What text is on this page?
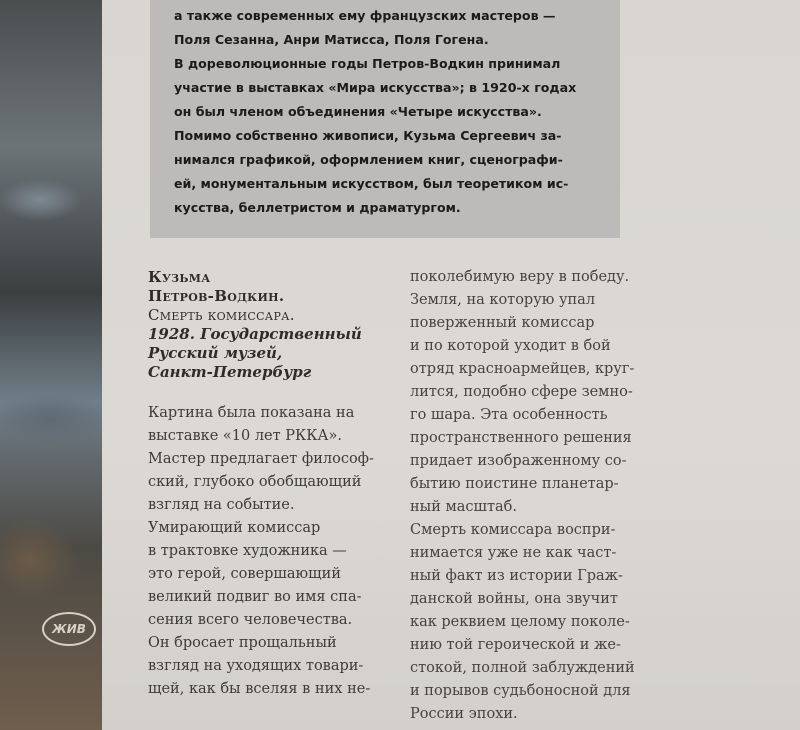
ЖИВ
а также современных ему французских мастеров —
Поля Сезанна, Анри Матисса, Поля Гогена.
В дореволюционные годы Петров-Водкин принимал
участие в выставках «Мира искусства»; в 1920-х годах
он был членом объединения «Четыре искусства».
Помимо собственно живописи, Кузьма Сергеевич за-
нимался графикой, оформлением книг, сценографи-
ей, монументальным искусством, был теоретиком ис-
кусства, беллетристом и драматургом.
Кузьма
Петров-Водкин.
Смерть комиссара.
1928. Государственный
Русский музей,
Санкт-Петербург
Картина была показана на
выставке «10 лет РККА».
Мастер предлагает философ-
ский, глубоко обобщающий
взгляд на событие.
Умирающий комиссар
в трактовке художника —
это герой, совершающий
великий подвиг во имя спа-
сения всего человечества.
Он бросает прощальный
взгляд на уходящих товари-
щей, как бы вселяя в них не-
поколебимую веру в победу.
Земля, на которую упал
поверженный комиссар
и по которой уходит в бой
отряд красноармейцев, круг-
лится, подобно сфере земно-
го шара. Эта особенность
пространственного решения
придает изображенному со-
бытию поистине планетар-
ный масштаб.
Смерть комиссара воспри-
нимается уже не как част-
ный факт из истории Граж-
данской войны, она звучит
как реквием целому поколе-
нию той героической и же-
стокой, полной заблуждений
и порывов судьбоносной для
России эпохи.
